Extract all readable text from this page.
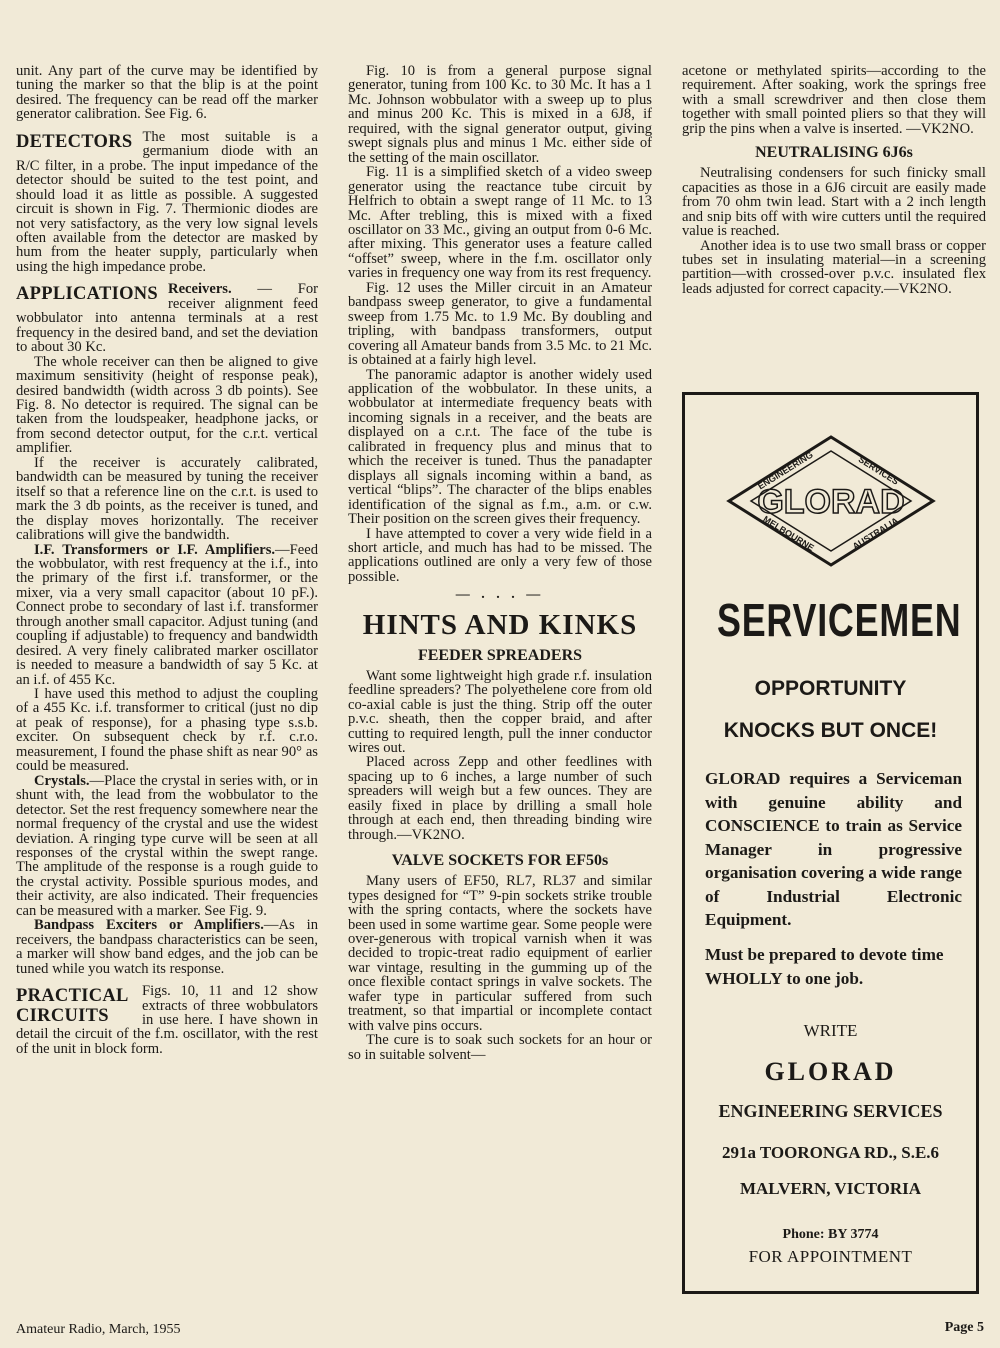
unit. Any part of the curve may be identified by tuning the marker so that the blip is at the point desired. The frequency can be read off the marker generator calibration. See Fig. 6.

DETECTORS The most suitable is a germanium diode with an R/C filter, in a probe. The input impedance of the detector should be suited to the test point, and should load it as little as possible. A suggested circuit is shown in Fig. 7. Thermionic diodes are not very satisfactory, as the very low signal levels often available from the detector are masked by hum from the heater supply, particularly when using the high impedance probe.

APPLICATIONS Receivers. — For receiver alignment feed wobbulator into antenna terminals at a rest frequency in the desired band, and set the deviation to about 30 Kc.

The whole receiver can then be aligned to give maximum sensitivity (height of response peak), desired bandwidth (width across 3 db points). See Fig. 8. No detector is required. The signal can be taken from the loudspeaker, headphone jacks, or from second detector output, for the c.r.t. vertical amplifier.

If the receiver is accurately calibrated, bandwidth can be measured by tuning the receiver itself so that a reference line on the c.r.t. is used to mark the 3 db points, as the receiver is tuned, and the display moves horizontally. The receiver calibrations will give the bandwidth.

I.F. Transformers or I.F. Amplifiers.—Feed the wobbulator, with rest frequency at the i.f., into the primary of the first i.f. transformer, or the mixer, via a very small capacitor (about 10 pF.). Connect probe to secondary of last i.f. transformer through another small capacitor. Adjust tuning (and coupling if adjustable) to frequency and bandwidth desired. A very finely calibrated marker oscillator is needed to measure a bandwidth of say 5 Kc. at an i.f. of 455 Kc.

I have used this method to adjust the coupling of a 455 Kc. i.f. transformer to critical (just no dip at peak of response), for a phasing type s.s.b. exciter. On subsequent check by r.f. c.r.o. measurement, I found the phase shift as near 90° as could be measured.

Crystals.—Place the crystal in series with, or in shunt with, the lead from the wobbulator to the detector. Set the rest frequency somewhere near the normal frequency of the crystal and use the widest deviation. A ringing type curve will be seen at all responses of the crystal within the swept range. The amplitude of the response is a rough guide to the crystal activity. Possible spurious modes, and their activity, are also indicated. Their frequencies can be measured with a marker. See Fig. 9.

Bandpass Exciters or Amplifiers.—As in receivers, the bandpass characteristics can be seen, a marker will show band edges, and the job can be tuned while you watch its response.

PRACTICAL CIRCUITS
Figs. 10, 11 and 12 show extracts of three wobbulators in use here. I have shown in detail the circuit of the f.m. oscillator, with the rest of the unit in block form.

Fig. 10 is from a general purpose signal generator, tuning from 100 Kc. to 30 Mc. It has a 1 Mc. Johnson wobbulator with a sweep up to plus and minus 200 Kc. This is mixed in a 6J8, if required, with the signal generator output, giving swept signals plus and minus 1 Mc. either side of the setting of the main oscillator.

Fig. 11 is a simplified sketch of a video sweep generator using the reactance tube circuit by Helfrich to obtain a swept range of 11 Mc. to 13 Mc. After trebling, this is mixed with a fixed oscillator on 33 Mc., giving an output from 0-6 Mc. after mixing. This generator uses a feature called “offset” sweep, where in the f.m. oscillator only varies in frequency one way from its rest frequency.

Fig. 12 uses the Miller circuit in an Amateur bandpass sweep generator, to give a fundamental sweep from 1.75 Mc. to 1.9 Mc. By doubling and tripling, with bandpass transformers, output covering all Amateur bands from 3.5 Mc. to 21 Mc. is obtained at a fairly high level.

The panoramic adaptor is another widely used application of the wobbulator. In these units, a wobbulator at intermediate frequency beats with incoming signals in a receiver, and the beats are displayed on a c.r.t. The face of the tube is calibrated in frequency plus and minus that to which the receiver is tuned. Thus the panadapter displays all signals incoming within a band, as vertical “blips”. The character of the blips enables identification of the signal as f.m., a.m. or c.w. Their position on the screen gives their frequency.

I have attempted to cover a very wide field in a short article, and much has had to be missed. The applications outlined are only a very few of those possible.

— . . . —
HINTS AND KINKS
FEEDER SPREADERS

Want some lightweight high grade r.f. insulation feedline spreaders? The polyethelene core from old co-axial cable is just the thing. Strip off the outer p.v.c. sheath, then the copper braid, and after cutting to required length, pull the inner conductor wires out.

Placed across Zepp and other feedlines with spacing up to 6 inches, a large number of such spreaders will weigh but a few ounces. They are easily fixed in place by drilling a small hole through at each end, then threading binding wire through.—VK2NO.

VALVE SOCKETS FOR EF50s

Many users of EF50, RL7, RL37 and similar types designed for “T” 9-pin sockets strike trouble with the spring contacts, where the sockets have been used in some wartime gear. Some people were over-generous with tropical varnish when it was decided to tropic-treat radio equipment of earlier war vintage, resulting in the gumming up of the once flexible contact springs in valve sockets. The wafer type in particular suffered from such treatment, so that impartial or incomplete contact with valve pins occurs.

The cure is to soak such sockets for an hour or so in suitable solvent—

acetone or methylated spirits—according to the requirement. After soaking, work the springs free with a small screwdriver and then close them together with small pointed pliers so that they will grip the pins when a valve is inserted. —VK2NO.

NEUTRALISING 6J6s

Neutralising condensers for such finicky small capacities as those in a 6J6 circuit are easily made from 70 ohm twin lead. Start with a 2 inch length and snip bits off with wire cutters until the required value is reached.

Another idea is to use two small brass or copper tubes set in insulating material—in a screening partition—with crossed-over p.v.c. insulated flex leads adjusted for correct capacity.—VK2NO.

GLORAD
ENGINEERING	SERVICES
MELBOURNE	AUSTRALIA
SERVICEMEN
OPPORTUNITY
KNOCKS BUT ONCE!
GLORAD requires a Serviceman with genuine ability and CONSCIENCE to train as Service Manager in progressive organisation covering a wide range of Industrial Electronic Equipment.
Must be prepared to devote time WHOLLY to one job.
WRITE
GLORAD
ENGINEERING SERVICES
291a TOORONGA RD., S.E.6
MALVERN, VICTORIA
Phone: BY 3774
FOR APPOINTMENT
Amateur Radio, March, 1955	Page 5
